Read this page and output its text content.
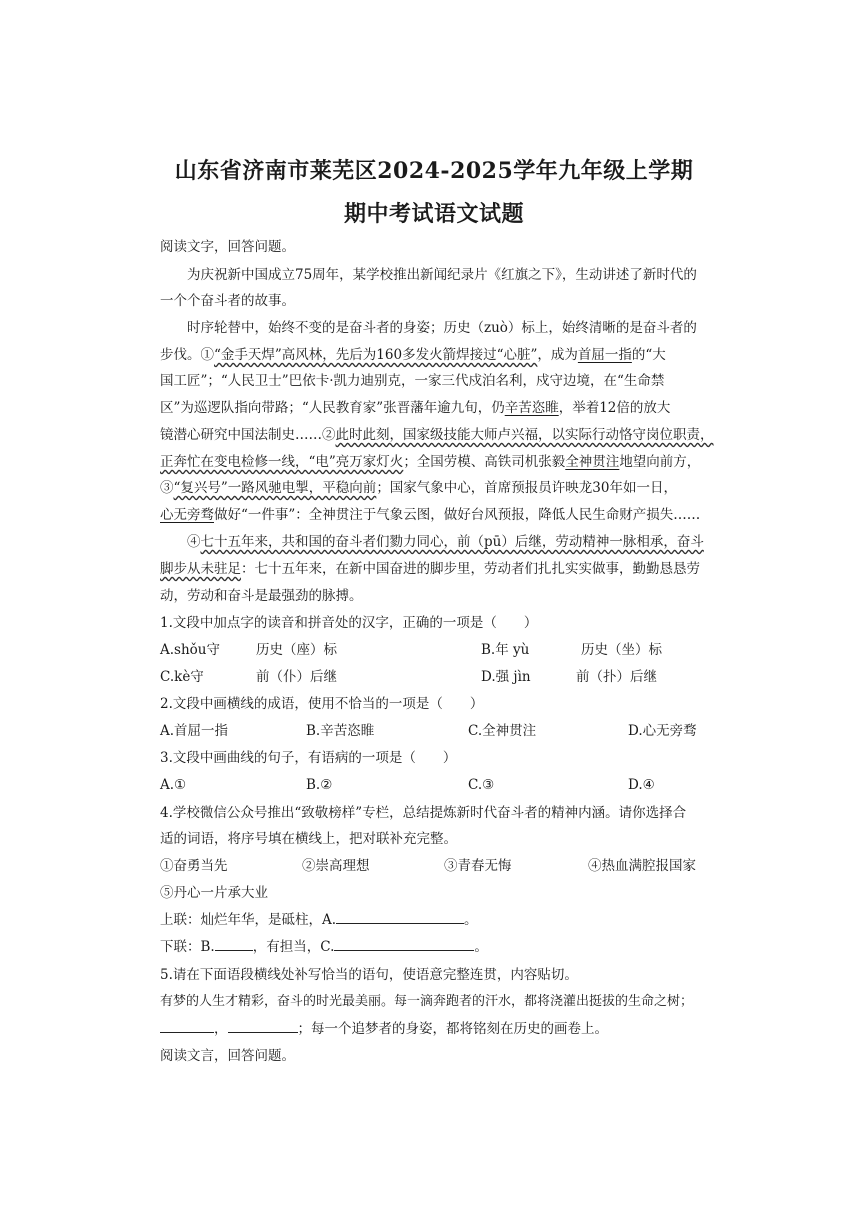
山东省济南市莱芜区2024-2025学年九年级上学期
期中考试语文试题
阅读文字，回答问题。
为庆祝新中国成立75周年，某学校推出新闻纪录片《红旗之下》，生动讲述了新时代的
一个个奋斗者的故事。
时序轮替中，始终不变的是奋斗者的身姿；历史（zuò）标上，始终清晰的是奋斗者的
步伐。①“金手天焊”高风林，先后为160多发火箭焊接过“心脏”，成为首屈一指的“大
国工匠”；“人民卫士”巴依卡·凯力迪别克，一家三代戍泊名利，戍守边境，在“生命禁
区”为巡逻队指向带路；“人民教育家”张晋藩年逾九旬，仍辛苦恣睢，举着12倍的放大
镜潜心研究中国法制史……②此时此刻，国家级技能大师卢兴福，以实际行动恪守岗位职责，
正奔忙在变电检修一线，“电”亮万家灯火；全国劳模、高铁司机张毅全神贯注地望向前方，
③“复兴号”一路风驰电掣，平稳向前；国家气象中心，首席预报员许映龙30年如一日，
心无旁骛做好“一件事”：全神贯注于气象云图，做好台风预报，降低人民生命财产损失……
④七十五年来，共和国的奋斗者们勠力同心，前（pū）后继，劳动精神一脉相承，奋斗
脚步从未驻足：七十五年来，在新中国奋进的脚步里，劳动者们扎扎实实做事，勤勤恳恳劳
动，劳动和奋斗是最强劲的脉搏。
1.文段中加点字的读音和拼音处的汉字，正确的一项是（　　）
A.shǒu守	历史（座）标	B.年 yù	历史（坐）标
C.kè守	前（仆）后继	D.强 jìn	前（扑）后继
2.文段中画横线的成语，使用不恰当的一项是（　　）
A.首屈一指	B.辛苦恣睢	C.全神贯注	D.心无旁骛
3.文段中画曲线的句子，有语病的一项是（　　）
A.①	B.②	C.③	D.④
4.学校微信公众号推出“致敬榜样”专栏，总结提炼新时代奋斗者的精神内涵。请你选择合
适的词语，将序号填在横线上，把对联补充完整。
①奋勇当先	②崇高理想	③青春无悔	④热血满腔报国家
⑤丹心一片承大业
上联：灿烂年华，是砥柱，A.	。
下联：B.	，有担当，C.	。
5.请在下面语段横线处补写恰当的语句，使语意完整连贯，内容贴切。
有梦的人生才精彩，奋斗的时光最美丽。每一滴奔跑者的汗水，都将浇灌出挺拔的生命之树；
，	；每一个追梦者的身姿，都将铭刻在历史的画卷上。
阅读文言，回答问题。
